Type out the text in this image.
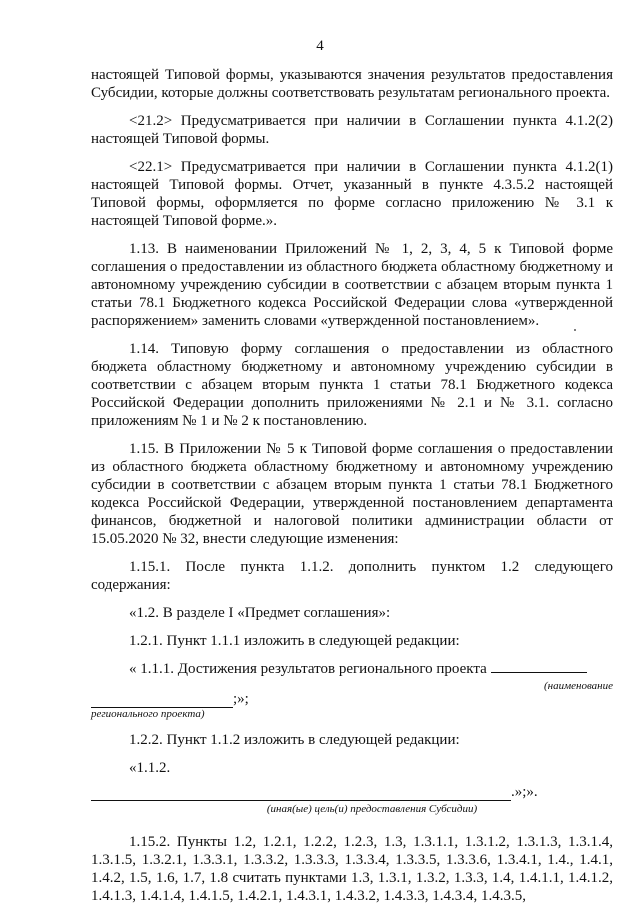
4

настоящей Типовой формы, указываются значения результатов предоставления Субсидии, которые должны соответствовать результатам регионального проекта.

<21.2> Предусматривается при наличии в Соглашении пункта 4.1.2(2) настоящей Типовой формы.

<22.1> Предусматривается при наличии в Соглашении пункта 4.1.2(1) настоящей Типовой формы. Отчет, указанный в пункте 4.3.5.2 настоящей Типовой формы, оформляется по форме согласно приложению № 3.1 к настоящей Типовой форме.».

1.13. В наименовании Приложений № 1, 2, 3, 4, 5 к Типовой форме соглашения о предоставлении из областного бюджета областному бюджетному и автономному учреждению субсидии в соответствии с абзацем вторым пункта 1 статьи 78.1 Бюджетного кодекса Российской Федерации слова «утвержденной распоряжением» заменить словами «утвержденной постановлением».

1.14. Типовую форму соглашения о предоставлении из областного бюджета областному бюджетному и автономному учреждению субсидии в соответствии с абзацем вторым пункта 1 статьи 78.1 Бюджетного кодекса Российской Федерации дополнить приложениями № 2.1 и № 3.1. согласно приложениям № 1 и № 2 к постановлению.

1.15. В Приложении № 5 к Типовой форме соглашения о предоставлении из областного бюджета областному бюджетному и автономному учреждению субсидии в соответствии с абзацем вторым пункта 1 статьи 78.1 Бюджетного кодекса Российской Федерации, утвержденной постановлением департамента финансов, бюджетной и налоговой политики администрации области от 15.05.2020 № 32, внести следующие изменения:

1.15.1. После пункта 1.1.2. дополнить пунктом 1.2 следующего содержания:

«1.2. В разделе I «Предмет соглашения»:

1.2.1. Пункт 1.1.1 изложить в следующей редакции:

« 1.1.1. Достижения результатов регионального проекта

(наименование
;»;
регионального проекта)

1.2.2. Пункт 1.1.2 изложить в следующей редакции:

«1.1.2.

.»;».
(иная(ые) цель(и) предоставления Субсидии)

1.15.2. Пункты 1.2, 1.2.1, 1.2.2, 1.2.3, 1.3, 1.3.1.1, 1.3.1.2, 1.3.1.3, 1.3.1.4, 1.3.1.5, 1.3.2.1, 1.3.3.1, 1.3.3.2, 1.3.3.3, 1.3.3.4, 1.3.3.5, 1.3.3.6, 1.3.4.1, 1.4., 1.4.1, 1.4.2, 1.5, 1.6, 1.7, 1.8 считать пунктами 1.3, 1.3.1, 1.3.2, 1.3.3, 1.4, 1.4.1.1, 1.4.1.2, 1.4.1.3, 1.4.1.4, 1.4.1.5, 1.4.2.1, 1.4.3.1, 1.4.3.2, 1.4.3.3, 1.4.3.4, 1.4.3.5,
